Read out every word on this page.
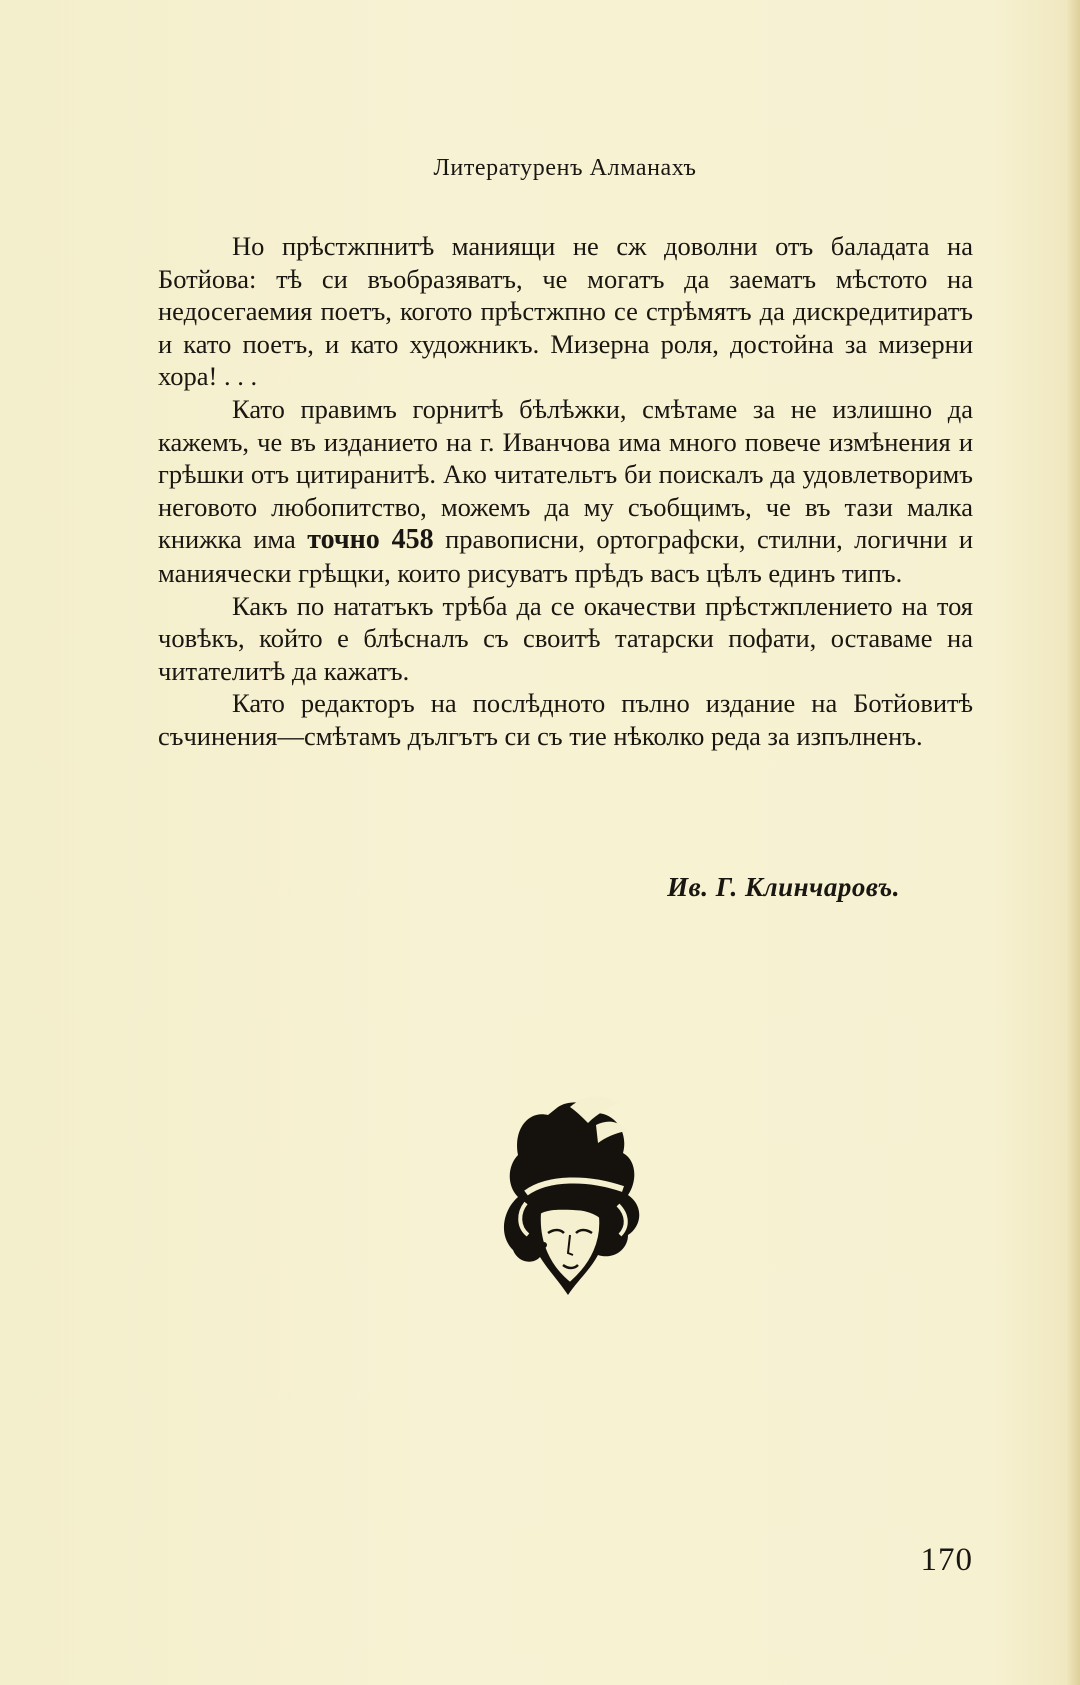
Литературенъ Алманахъ

Но прѣстжпнитѣ маниящи не сж доволни отъ баладата на Ботйова: тѣ си въобразяватъ, че могатъ да заематъ мѣстото на недосегаемия поетъ, когото прѣстжпно се стрѣмятъ да дискредитиратъ и като поетъ, и като художникъ. Мизерна роля, достойна за мизерни хора! . . .

Като правимъ горнитѣ бѣлѣжки, смѣтаме за не излишно да кажемъ, че въ изданието на г. Иванчова има много повече измѣнения и грѣшки отъ цитиранитѣ. Ако читательтъ би поискалъ да удовлетворимъ неговото любопитство, можемъ да му съобщимъ, че въ тази малка книжка има точно 458 правописни, ортографски, стилни, логични и маниячески грѣщки, които рисуватъ прѣдъ васъ цѣлъ единъ типъ.

Какъ по нататъкъ трѣба да се окачестви прѣстжплението на тоя човѣкъ, който е блѣсналъ съ своитѣ татарски пофати, оставаме на читателитѣ да кажатъ.

Като редакторъ на послѣдното пълно издание на Ботйовитѣ съчинения—смѣтамъ дългътъ си съ тие нѣколко реда за изпълненъ.

Ив. Г. Клинчаровъ.
170
